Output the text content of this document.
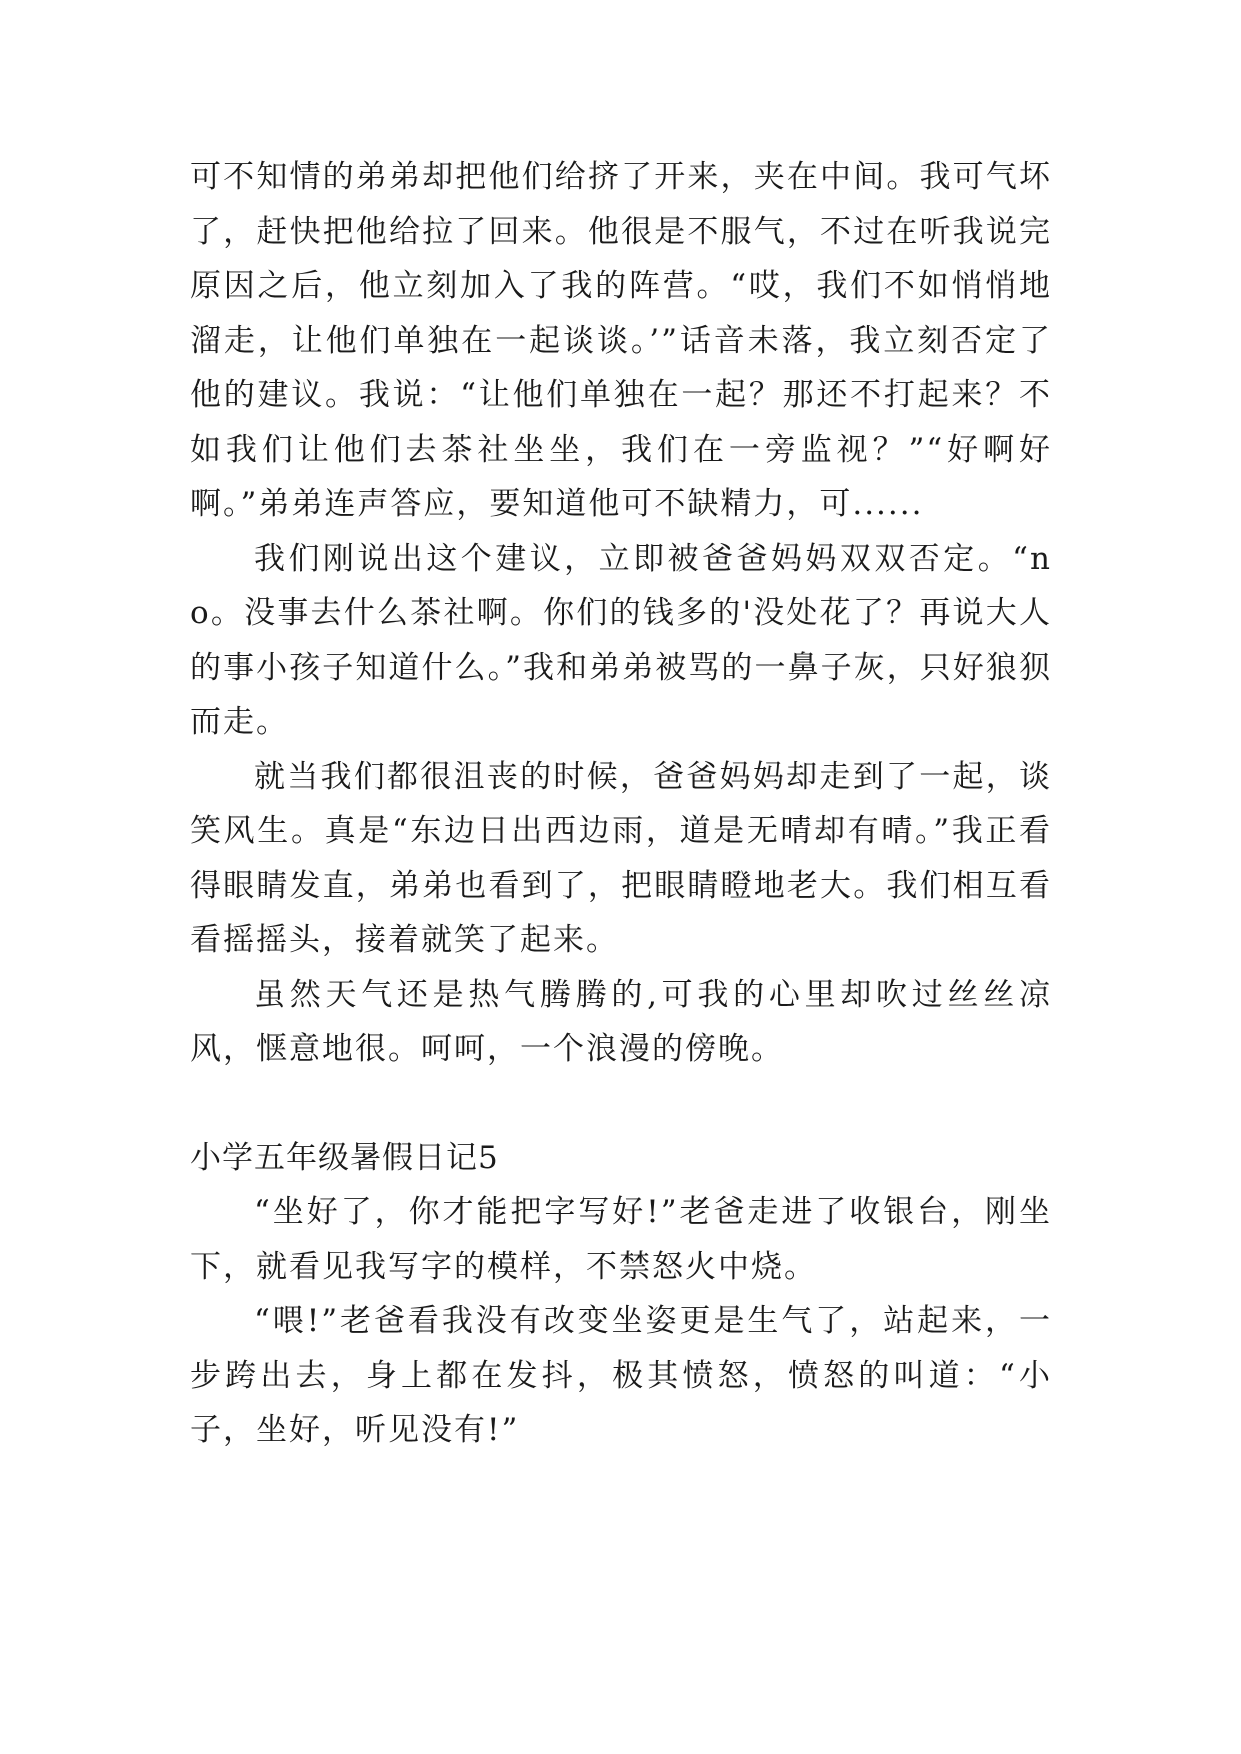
可不知情的弟弟却把他们给挤了开来，夹在中间。我可气坏了，赶快把他给拉了回来。他很是不服气，不过在听我说完原因之后，他立刻加入了我的阵营。“哎，我们不如悄悄地溜走，让他们单独在一起谈谈。’”话音未落，我立刻否定了他的建议。我说：“让他们单独在一起？那还不打起来？不如我们让他们去茶社坐坐，我们在一旁监视？”“好啊好啊。”弟弟连声答应，要知道他可不缺精力，可......

我们刚说出这个建议，立即被爸爸妈妈双双否定。“no。没事去什么茶社啊。你们的钱多的'没处花了？再说大人的事小孩子知道什么。”我和弟弟被骂的一鼻子灰，只好狼狈而走。

就当我们都很沮丧的时候，爸爸妈妈却走到了一起，谈笑风生。真是“东边日出西边雨，道是无晴却有晴。”我正看得眼睛发直，弟弟也看到了，把眼睛瞪地老大。我们相互看看摇摇头，接着就笑了起来。

虽然天气还是热气腾腾的,可我的心里却吹过丝丝凉风，惬意地很。呵呵，一个浪漫的傍晚。

小学五年级暑假日记5

“坐好了，你才能把字写好!”老爸走进了收银台，刚坐下，就看见我写字的模样，不禁怒火中烧。

“喂!”老爸看我没有改变坐姿更是生气了，站起来，一步跨出去，身上都在发抖，极其愤怒，愤怒的叫道：“小子，坐好，听见没有!”
